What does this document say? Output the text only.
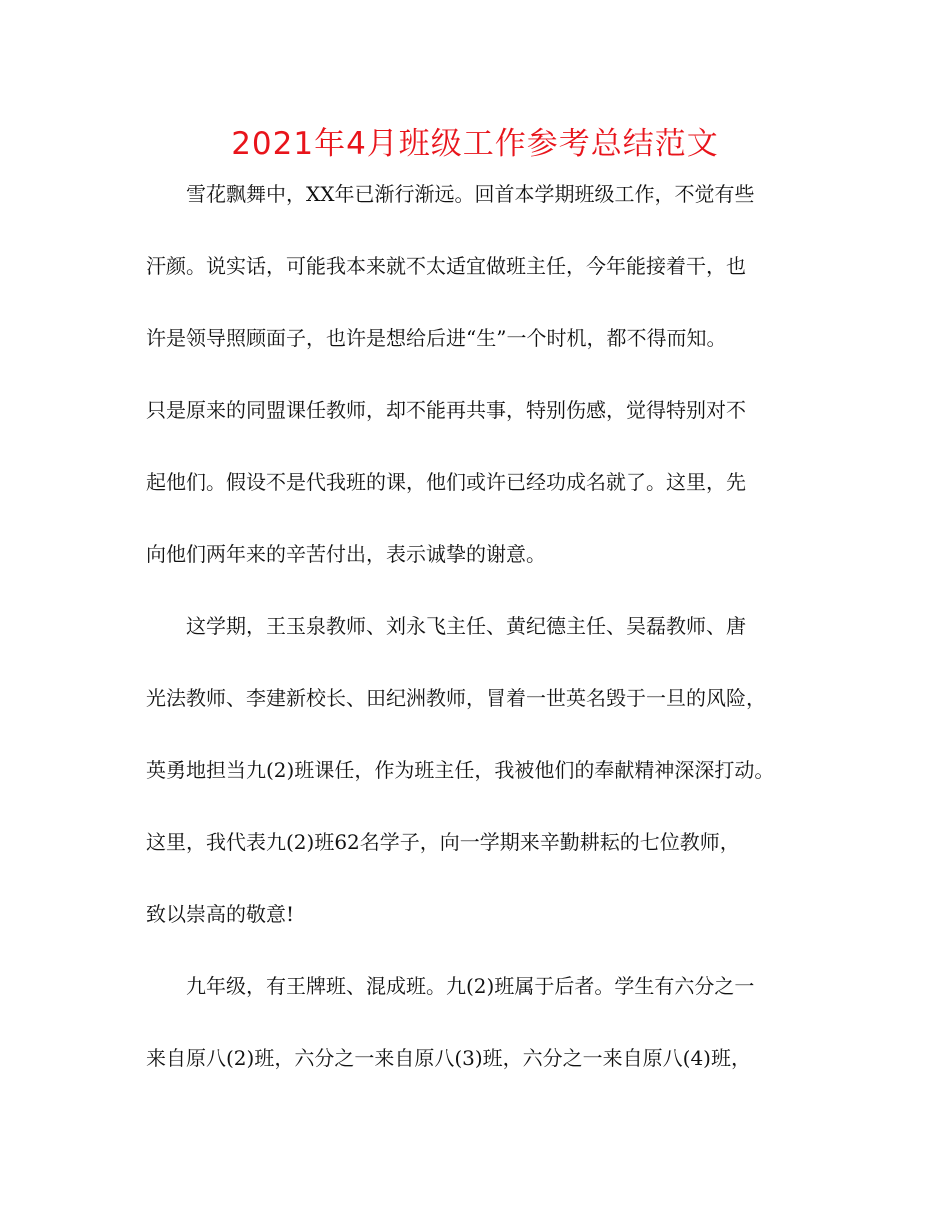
2021年4月班级工作参考总结范文

雪花飘舞中，XX年已渐行渐远。回首本学期班级工作，不觉有些

汗颜。说实话，可能我本来就不太适宜做班主任，今年能接着干，也

许是领导照顾面子，也许是想给后进“生”一个时机，都不得而知。

只是原来的同盟课任教师，却不能再共事，特别伤感，觉得特别对不

起他们。假设不是代我班的课，他们或许已经功成名就了。这里，先

向他们两年来的辛苦付出，表示诚挚的谢意。

这学期，王玉泉教师、刘永飞主任、黄纪德主任、吴磊教师、唐

光法教师、李建新校长、田纪洲教师，冒着一世英名毁于一旦的风险，

英勇地担当九(2)班课任，作为班主任，我被他们的奉献精神深深打动。

这里，我代表九(2)班62名学子，向一学期来辛勤耕耘的七位教师，

致以崇高的敬意!

九年级，有王牌班、混成班。九(2)班属于后者。学生有六分之一

来自原八(2)班，六分之一来自原八(3)班，六分之一来自原八(4)班，
